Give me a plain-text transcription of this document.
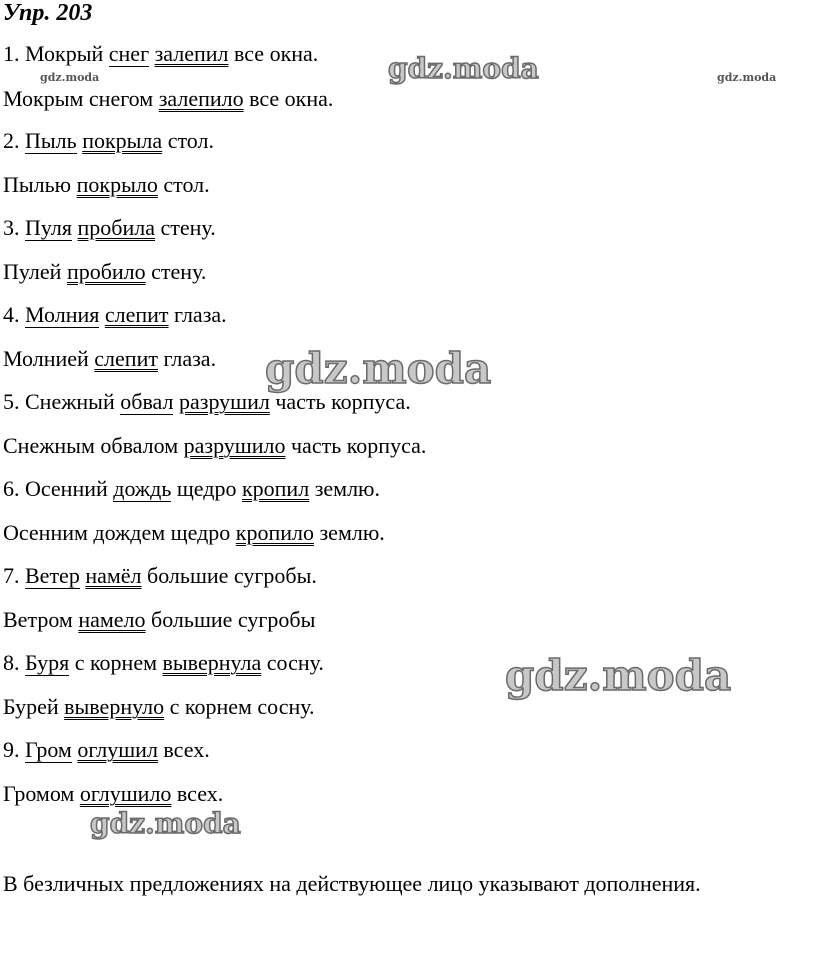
Упр. 203
1. Мокрый снег залепил все окна.
Мокрым снегом залепило все окна.
2. Пыль покрыла стол.
Пылью покрыло стол.
3. Пуля пробила стену.
Пулей пробило стену.
4. Молния слепит глаза.
Молнией слепит глаза.
5. Снежный обвал разрушил часть корпуса.
Снежным обвалом разрушило часть корпуса.
6. Осенний дождь щедро кропил землю.
Осенним дождем щедро кропило землю.
7. Ветер намёл большие сугробы.
Ветром намело большие сугробы
8. Буря с корнем вывернула сосну.
Бурей вывернуло с корнем сосну.
9. Гром оглушил всех.
Громом оглушило всех.
В безличных предложениях на действующее лицо указывают дополнения.
gdz.moda
gdz.moda
gdz.moda
gdz.moda
gdz.moda	gdz.moda
